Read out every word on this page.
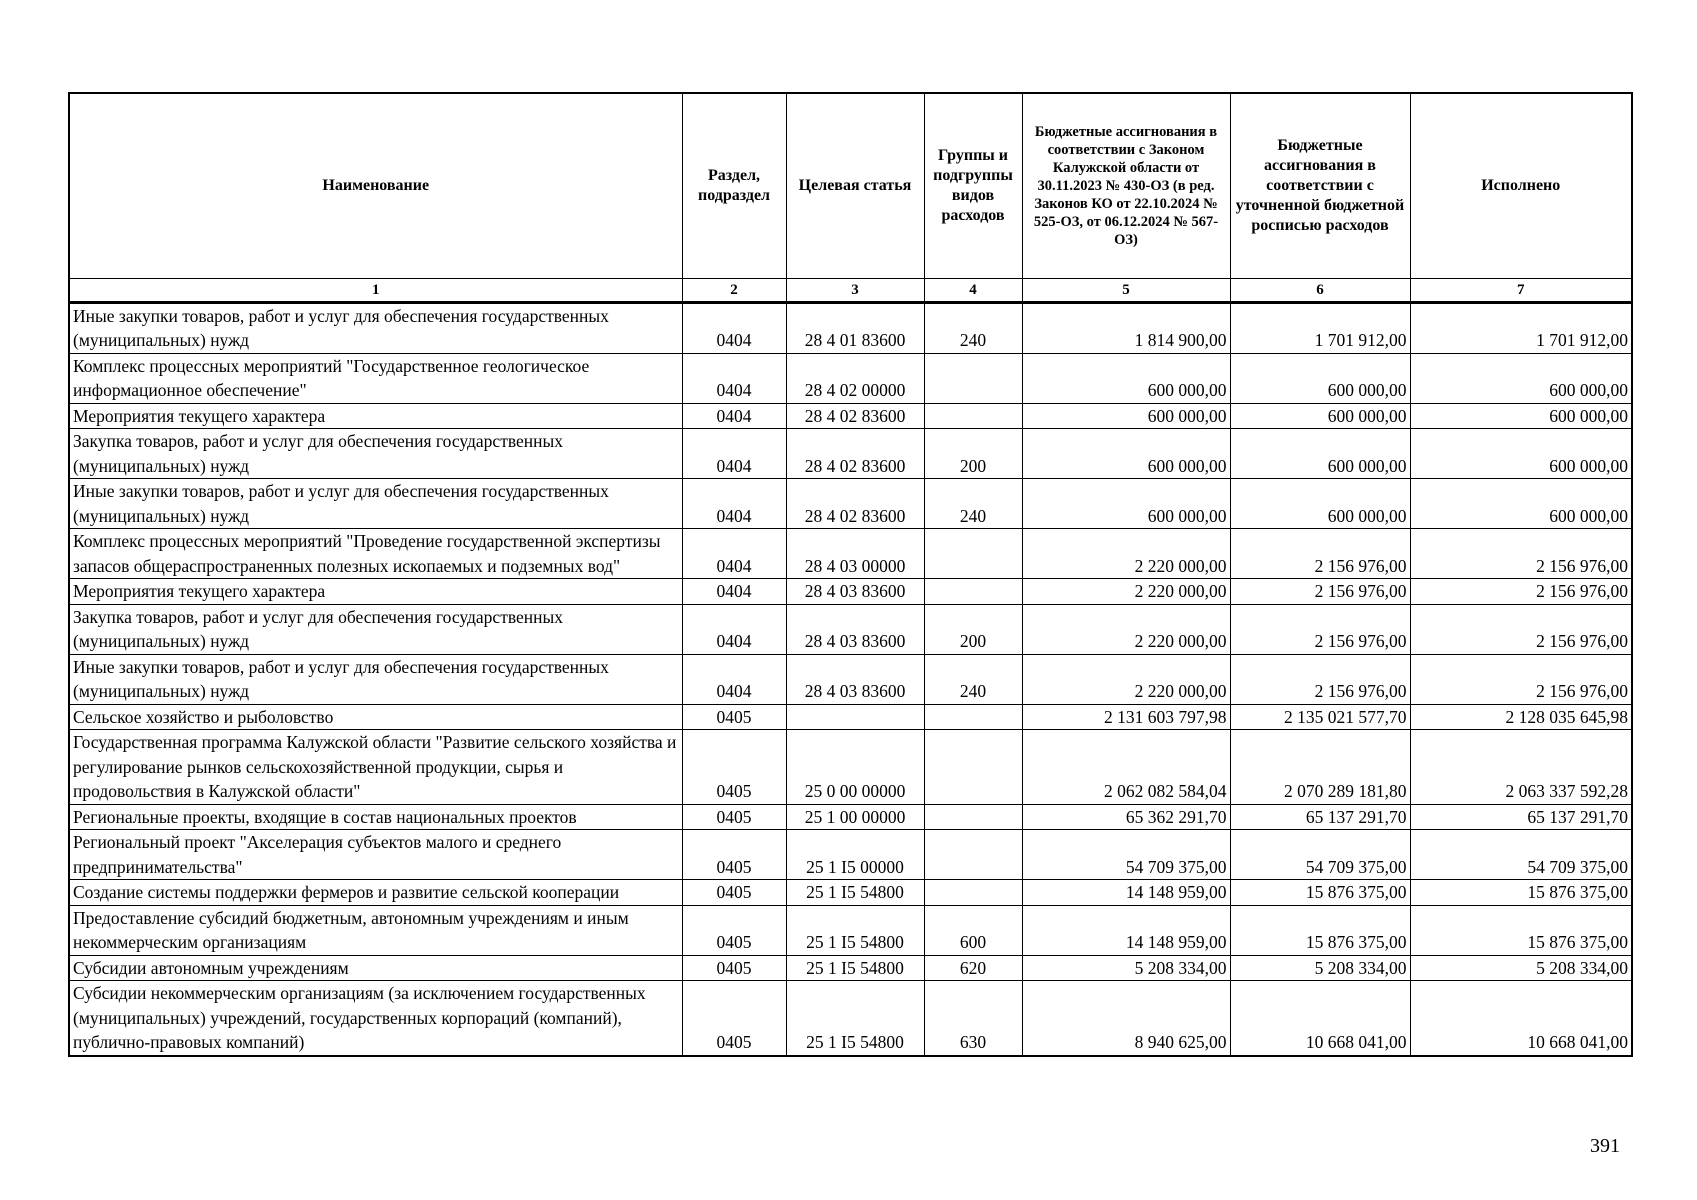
Наименование	Раздел, подраздел	Целевая статья	Группы и подгруппы видов расходов	Бюджетные ассигнования в соответствии с Законом Калужской области от 30.11.2023 № 430-ОЗ (в ред. Законов КО от 22.10.2024 № 525-ОЗ, от 06.12.2024 № 567-ОЗ)	Бюджетные ассигнования в соответствии с уточненной бюджетной росписью расходов	Исполнено
1	2	3	4	5	6	7
Иные закупки товаров, работ и услуг для обеспечения государственных (муниципальных) нужд	0404	28 4 01 83600	240	1 814 900,00	1 701 912,00	1 701 912,00
Комплекс процессных мероприятий "Государственное геологическое информационное обеспечение"	0404	28 4 02 00000		600 000,00	600 000,00	600 000,00
Мероприятия текущего характера	0404	28 4 02 83600		600 000,00	600 000,00	600 000,00
Закупка товаров, работ и услуг для обеспечения государственных (муниципальных) нужд	0404	28 4 02 83600	200	600 000,00	600 000,00	600 000,00
Иные закупки товаров, работ и услуг для обеспечения государственных (муниципальных) нужд	0404	28 4 02 83600	240	600 000,00	600 000,00	600 000,00
Комплекс процессных мероприятий "Проведение государственной экспертизы запасов общераспространенных полезных ископаемых и подземных вод"	0404	28 4 03 00000		2 220 000,00	2 156 976,00	2 156 976,00
Мероприятия текущего характера	0404	28 4 03 83600		2 220 000,00	2 156 976,00	2 156 976,00
Закупка товаров, работ и услуг для обеспечения государственных (муниципальных) нужд	0404	28 4 03 83600	200	2 220 000,00	2 156 976,00	2 156 976,00
Иные закупки товаров, работ и услуг для обеспечения государственных (муниципальных) нужд	0404	28 4 03 83600	240	2 220 000,00	2 156 976,00	2 156 976,00
Сельское хозяйство и рыболовство	0405			2 131 603 797,98	2 135 021 577,70	2 128 035 645,98
Государственная программа Калужской области "Развитие сельского хозяйства и регулирование рынков сельскохозяйственной продукции, сырья и продовольствия в Калужской области"	0405	25 0 00 00000		2 062 082 584,04	2 070 289 181,80	2 063 337 592,28
Региональные проекты, входящие в состав национальных проектов	0405	25 1 00 00000		65 362 291,70	65 137 291,70	65 137 291,70
Региональный проект "Акселерация субъектов малого и среднего предпринимательства"	0405	25 1 I5 00000		54 709 375,00	54 709 375,00	54 709 375,00
Создание системы поддержки фермеров и развитие сельской кооперации	0405	25 1 I5 54800		14 148 959,00	15 876 375,00	15 876 375,00
Предоставление субсидий бюджетным, автономным учреждениям и иным некоммерческим организациям	0405	25 1 I5 54800	600	14 148 959,00	15 876 375,00	15 876 375,00
Субсидии автономным учреждениям	0405	25 1 I5 54800	620	5 208 334,00	5 208 334,00	5 208 334,00
Субсидии некоммерческим организациям (за исключением государственных (муниципальных) учреждений, государственных корпораций (компаний), публично-правовых компаний)	0405	25 1 I5 54800	630	8 940 625,00	10 668 041,00	10 668 041,00
391
